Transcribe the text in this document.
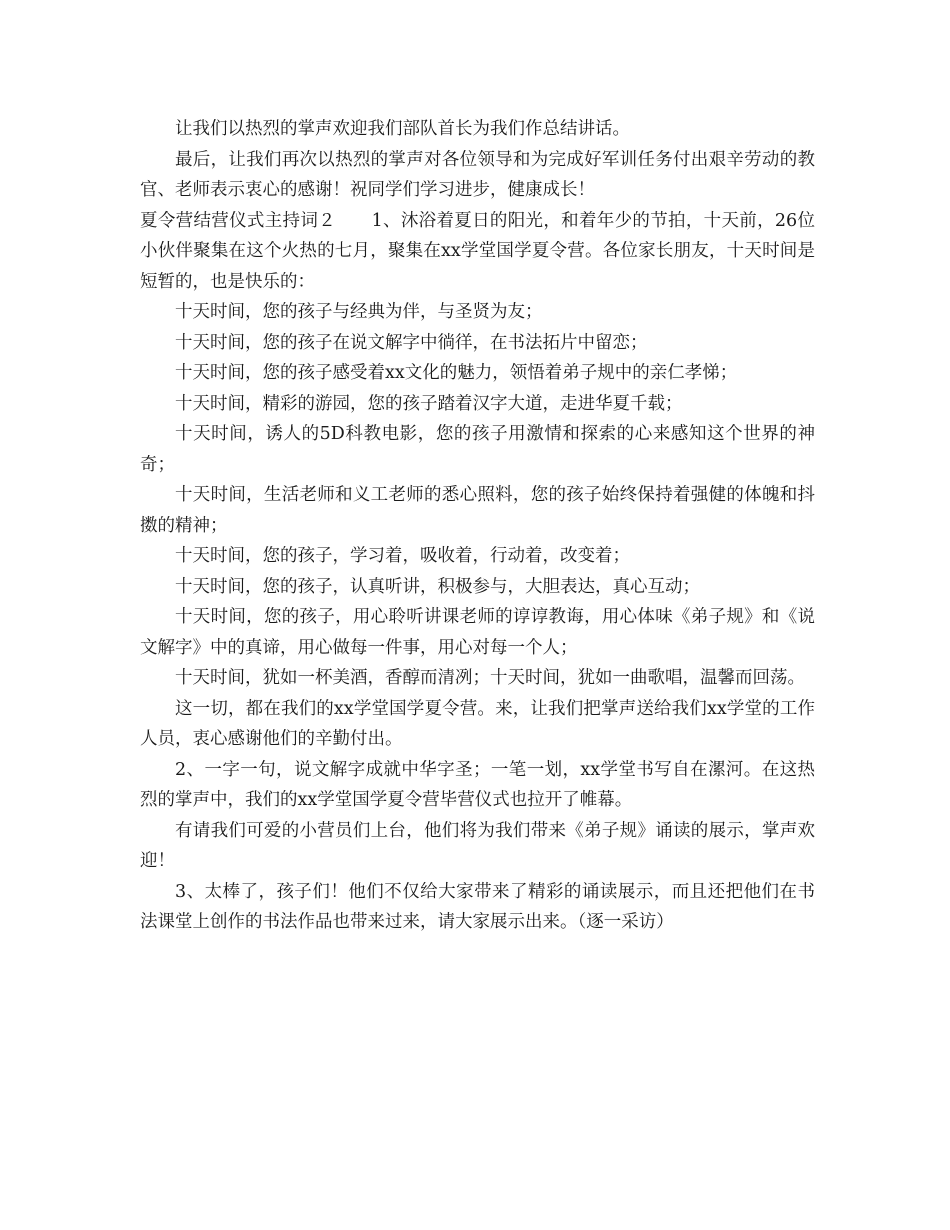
让我们以热烈的掌声欢迎我们部队首长为我们作总结讲话。

最后，让我们再次以热烈的掌声对各位领导和为完成好军训任务付出艰辛劳动的教官、老师表示衷心的感谢！祝同学们学习进步，健康成长！

夏令营结营仪式主持词２　　1、沐浴着夏日的阳光，和着年少的节拍，十天前，26位小伙伴聚集在这个火热的七月，聚集在xx学堂国学夏令营。各位家长朋友，十天时间是短暂的，也是快乐的：

十天时间，您的孩子与经典为伴，与圣贤为友；

十天时间，您的孩子在说文解字中徜徉，在书法拓片中留恋；

十天时间，您的孩子感受着xx文化的魅力，领悟着弟子规中的亲仁孝悌；

十天时间，精彩的游园，您的孩子踏着汉字大道，走进华夏千载；

十天时间，诱人的5D科教电影，您的孩子用激情和探索的心来感知这个世界的神奇；

十天时间，生活老师和义工老师的悉心照料，您的孩子始终保持着强健的体魄和抖擞的精神；

十天时间，您的孩子，学习着，吸收着，行动着，改变着；

十天时间，您的孩子，认真听讲，积极参与，大胆表达，真心互动；

十天时间，您的孩子，用心聆听讲课老师的谆谆教诲，用心体味《弟子规》和《说文解字》中的真谛，用心做每一件事，用心对每一个人；

十天时间，犹如一杯美酒，香醇而清冽；十天时间，犹如一曲歌唱，温馨而回荡。

这一切，都在我们的xx学堂国学夏令营。来，让我们把掌声送给我们xx学堂的工作人员，衷心感谢他们的辛勤付出。

2、一字一句，说文解字成就中华字圣；一笔一划，xx学堂书写自在漯河。在这热烈的掌声中，我们的xx学堂国学夏令营毕营仪式也拉开了帷幕。

有请我们可爱的小营员们上台，他们将为我们带来《弟子规》诵读的展示，掌声欢迎！

3、太棒了，孩子们！他们不仅给大家带来了精彩的诵读展示，而且还把他们在书法课堂上创作的书法作品也带来过来，请大家展示出来。（逐一采访）
